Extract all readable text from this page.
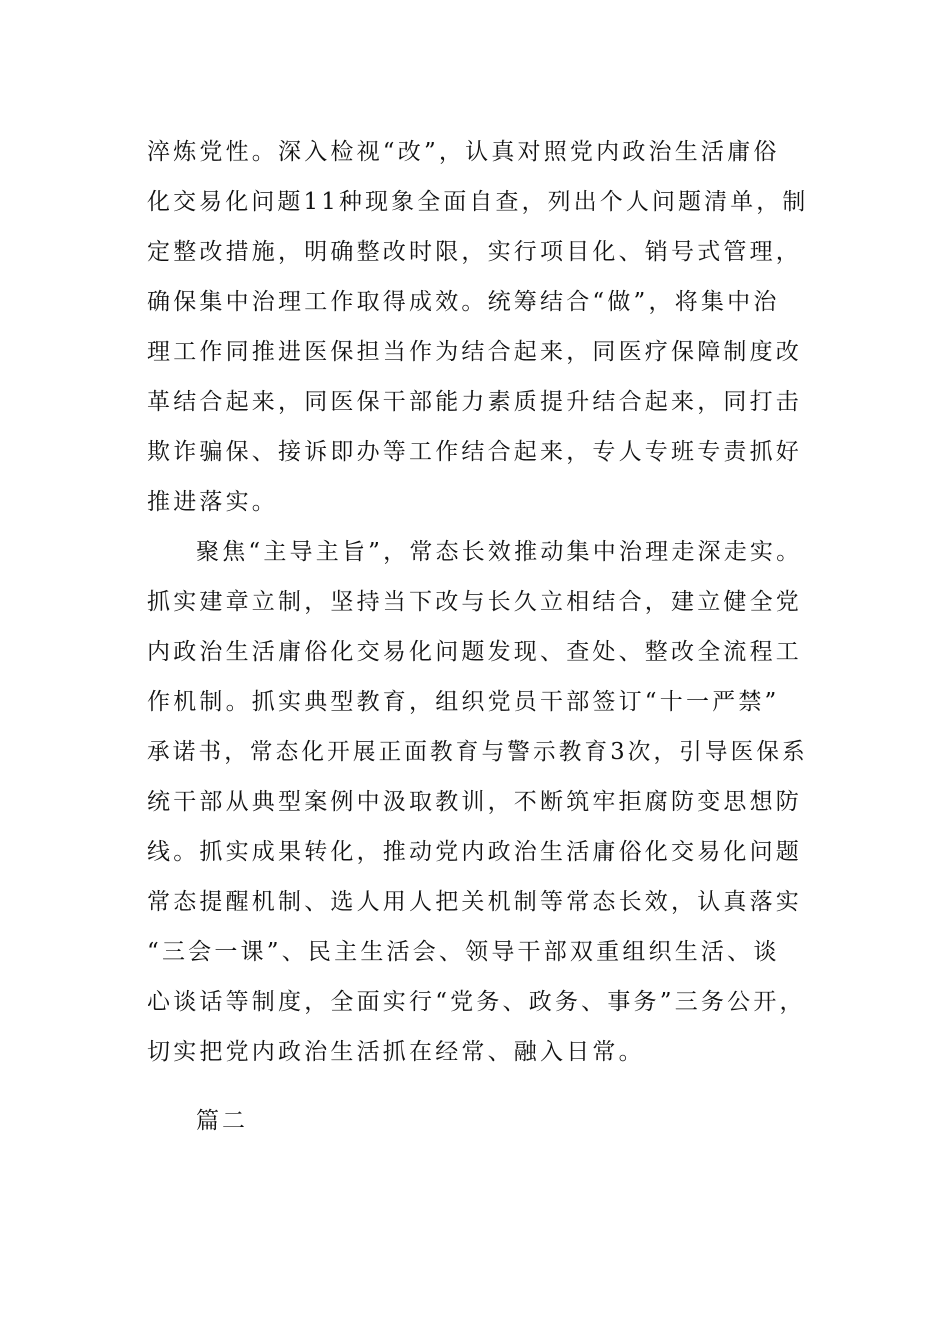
淬炼党性。深入检视“改”，认真对照党内政治生活庸俗
化交易化问题11种现象全面自查，列出个人问题清单，制
定整改措施，明确整改时限，实行项目化、销号式管理，
确保集中治理工作取得成效。统筹结合“做”，将集中治
理工作同推进医保担当作为结合起来，同医疗保障制度改
革结合起来，同医保干部能力素质提升结合起来，同打击
欺诈骗保、接诉即办等工作结合起来，专人专班专责抓好
推进落实。
聚焦“主导主旨”，常态长效推动集中治理走深走实。
抓实建章立制，坚持当下改与长久立相结合，建立健全党
内政治生活庸俗化交易化问题发现、查处、整改全流程工
作机制。抓实典型教育，组织党员干部签订“十一严禁”
承诺书，常态化开展正面教育与警示教育3次，引导医保系
统干部从典型案例中汲取教训，不断筑牢拒腐防变思想防
线。抓实成果转化，推动党内政治生活庸俗化交易化问题
常态提醒机制、选人用人把关机制等常态长效，认真落实
“三会一课”、民主生活会、领导干部双重组织生活、谈
心谈话等制度，全面实行“党务、政务、事务”三务公开，
切实把党内政治生活抓在经常、融入日常。
篇二
